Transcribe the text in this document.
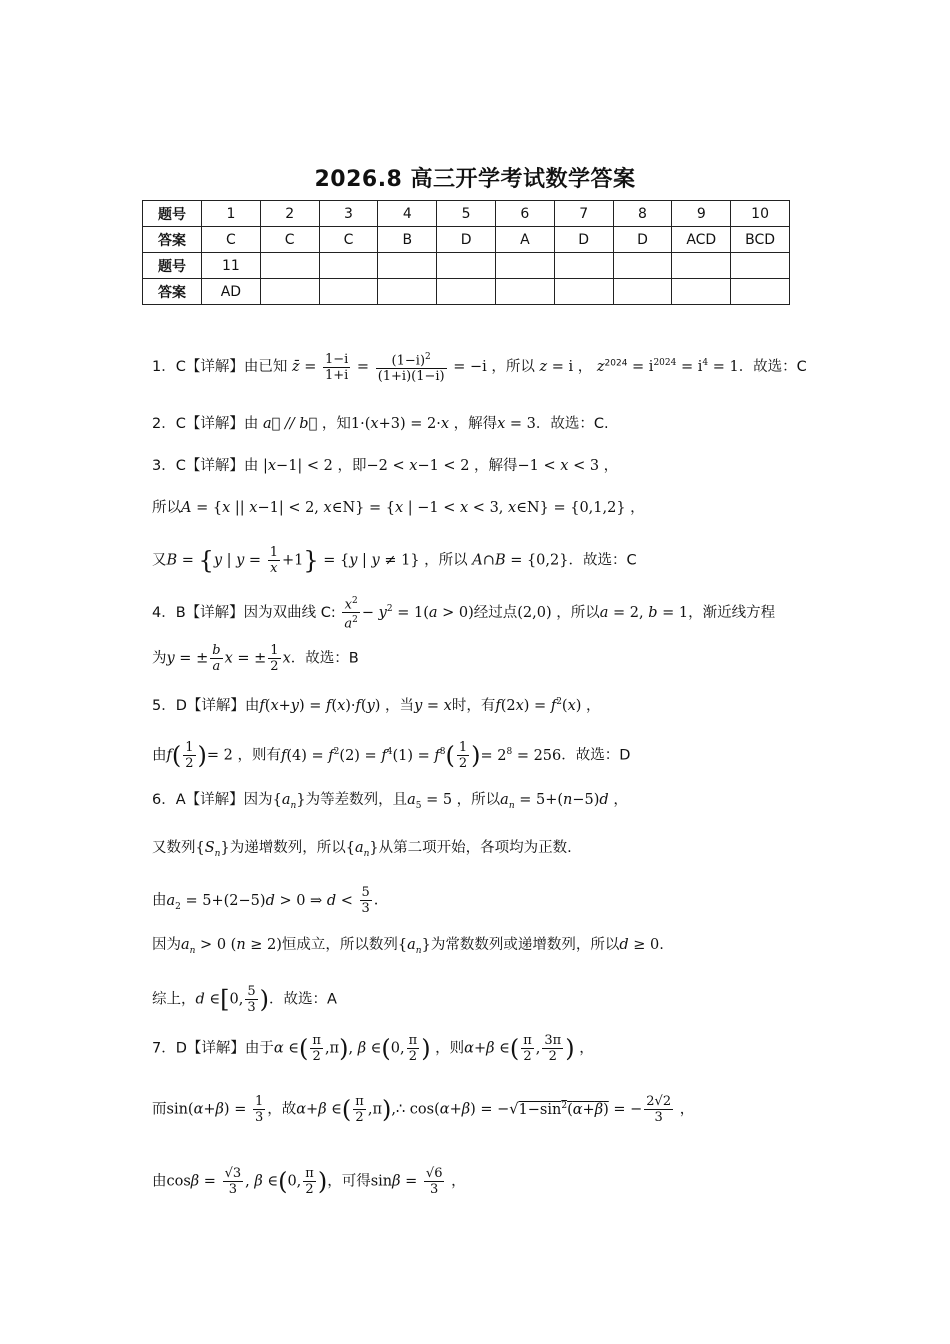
2026.8 高三开学考试数学答案
题号	1	2	3	4	5	6	7	8	9	10
答案	C	C	C	B	D	A	D	D	ACD	BCD
题号	11									
答案	AD									
1．C【详解】由已知 z̄ = $\frac{1-i}{1+i} = \frac{(1-i)^2}{(1+i)(1-i)} = -i$ ，所以 z = i ， $z^{2024} = i^{2024} = i^4 = 1$．故选：C
2．C【详解】由 a⃗ // b⃗ ，知1·(x+3) = 2·x ，解得x = 3．故选：C.
3．C【详解】由 |x−1| < 2 ，即−2 < x−1 < 2 ，解得−1 < x < 3 ，
所以A = {x || x−1| < 2, x∈N} = {x | −1 < x < 3, x∈N} = {0,1,2} ，
又B = {y | $y = \frac{1}{x} +1\} = \{y$ | y ≠ 1} ，所以 A∩B = {0,2}．故选：C
4．B【详解】因为双曲线 C: $\frac{x^2}{a^2} - y^2 = 1(a > 0)$经过点(2,0) ，所以a = 2, b = 1，渐近线方程
为y = ± $\frac{b}{a}$ x = ± $\frac{1}{2}$ x．故选：B
5．D【详解】由f(x+y) = f(x)·f(y) ，当y = x时，有$f(2x) = f^2(x)$ ，
由$f( \frac{1}{2}$ )= 2 ，则有$f(4) = f^2(2) = f^4(1) = f^8( \frac{1}{2}$ )= $2^8 = 256$．故选：D
6．A【详解】因为$\{a_n\}$为等差数列，且$a_5 = 5$ ，所以$a_n = 5+(n-5)d$ ，
又数列$\{S_n\}$为递增数列，所以$\{a_n\}$从第二项开始，各项均为正数.
由$a_2 = 5+(2-5)d > 0$ ⇒ $d < \frac{5}{3}$ .
因为$a_n > 0$ (n ≥ 2)恒成立，所以数列$\{a_n\}$为常数数列或递增数列，所以d ≥ 0.
综上，d ∈[0, $\frac{5}{3}$ )．故选：A
7．D【详解】由于α ∈( $\frac{\pi}{2} ,\pi$), β ∈(0, $\frac{\pi}{2}$ ) ，则α+β ∈( $\frac{\pi}{2}$ , $\frac{3\pi}{2}$ ) ，
而$\sin(\alpha+\beta) = \frac{1}{3}$ ，故α+β ∈( $\frac{\pi}{2}$ ,π),∴ $\cos(\alpha+\beta) = -√1-\sin^2(\alpha+\beta)$ = − $\frac{2√2}{3}$ ，
由$\cos\beta = \frac{√3}{3}$ , β ∈(0, $\frac{\pi}{2}$ )，可得$\sin\beta = \frac{√6}{3}$ ，
